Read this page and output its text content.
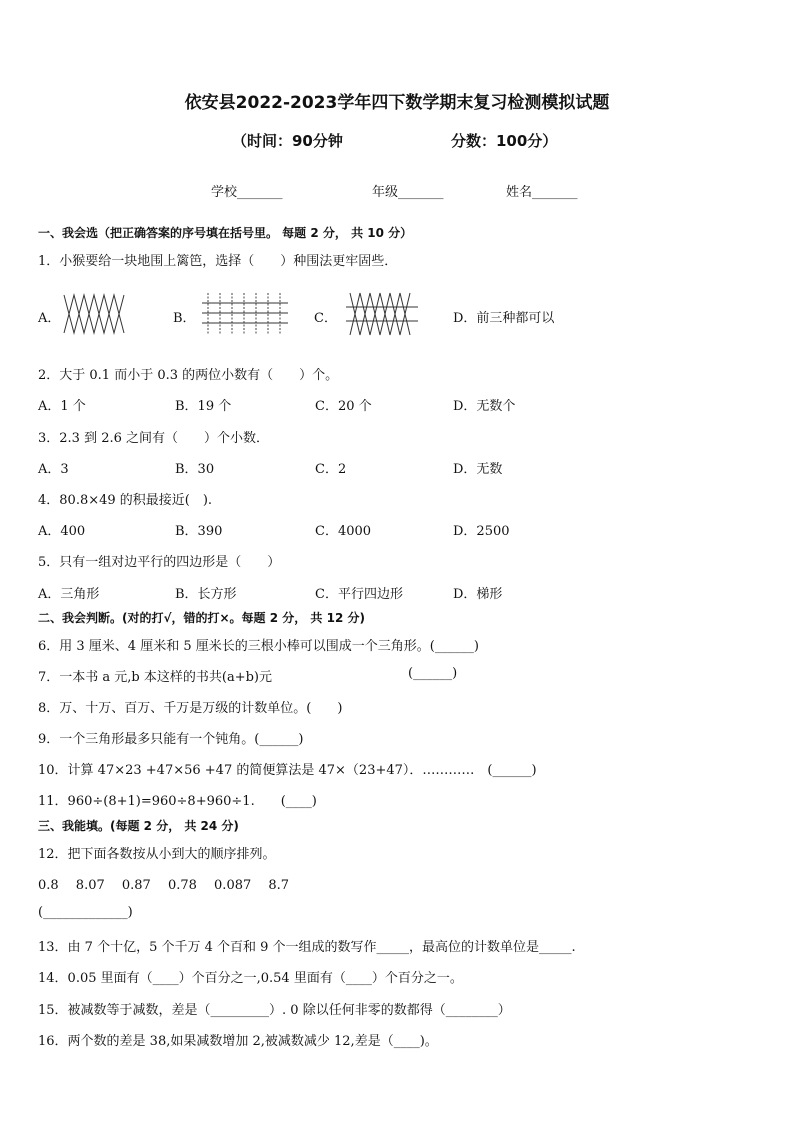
依安县2022-2023学年四下数学期末复习检测模拟试题
（时间：90分钟	分数：100分）
学校_______	年级_______	姓名_______
一、我会选（把正确答案的序号填在括号里。 每题 2 分， 共 10 分）
1．小猴要给一块地围上篱笆，选择（　　）种围法更牢固些．
A．	B．	C．	D．前三种都可以
2．大于 0.1 而小于 0.3 的两位小数有（　　）个。
A．1 个	B．19 个	C．20 个	D．无数个
3．2.3 到 2.6 之间有（　　）个小数．
A．3	B．30	C．2	D．无数
4．80.8×49 的积最接近(　).
A．400	B．390	C．4000	D．2500
5．只有一组对边平行的四边形是（　　）
A．三角形	B．长方形	C．平行四边形	D．梯形
二、我会判断。(对的打√，错的打×。每题 2 分， 共 12 分)
6．用 3 厘米、4 厘米和 5 厘米长的三根小棒可以围成一个三角形。(______)
7．一本书 a 元,b 本这样的书共(a+b)元	(______)
8．万、十万、百万、千万是万级的计数单位。(　　)
9．一个三角形最多只能有一个钝角。(______)
10．计算 47×23 +47×56 +47 的简便算法是 47×（23+47）．…………　(______)
11．960÷(8+1)=960÷8+960÷1.　　(____)
三、我能填。(每题 2 分， 共 24 分)
12．把下面各数按从小到大的顺序排列。
0.8　 8.07　 0.87　 0.78　 0.087　 8.7
(_____________)
13．由 7 个十亿，5 个千万 4 个百和 9 个一组成的数写作_____，最高位的计数单位是_____.
14．0.05 里面有（____）个百分之一,0.54 里面有（____）个百分之一。
15．被减数等于减数，差是（_________）. 0 除以任何非零的数都得（________）
16．两个数的差是 38,如果减数增加 2,被减数减少 12,差是（____)。
